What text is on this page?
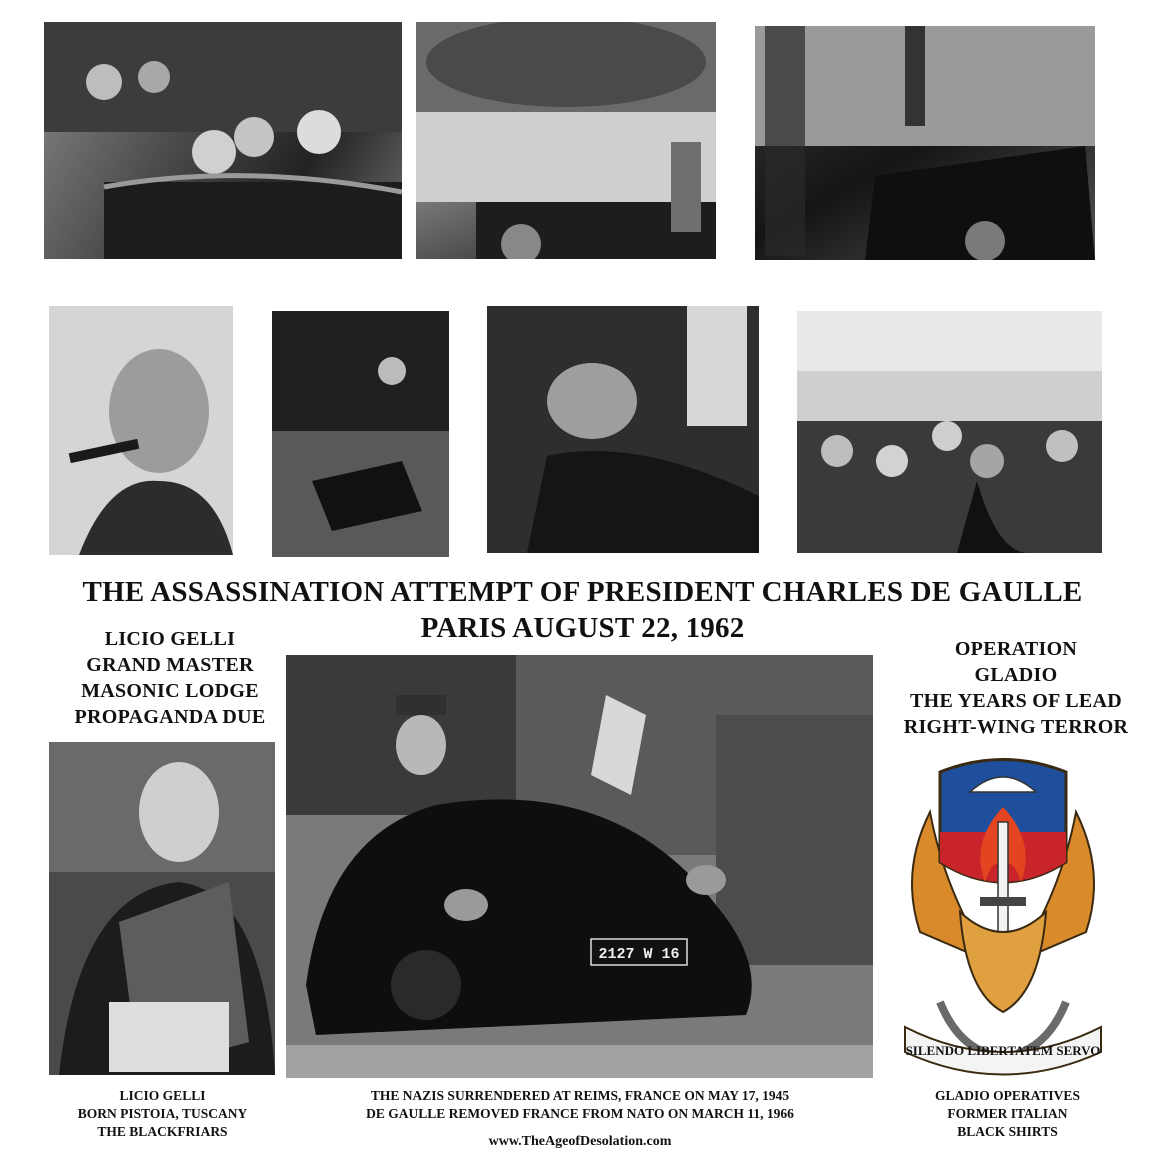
THE ASSASSINATION ATTEMPT OF PRESIDENT CHARLES DE GAULLE
PARIS AUGUST 22, 1962
LICIO GELLI
GRAND MASTER
MASONIC LODGE
PROPAGANDA DUE
OPERATION
GLADIO
THE YEARS OF LEAD
RIGHT-WING TERROR
2127 W 16
SILENDO LIBERTATEM SERVO
LICIO GELLI
BORN PISTOIA, TUSCANY
THE BLACKFRIARS
THE NAZIS SURRENDERED AT REIMS, FRANCE ON MAY 17, 1945
DE GAULLE REMOVED FRANCE FROM NATO ON MARCH 11, 1966
GLADIO OPERATIVES
FORMER ITALIAN
BLACK SHIRTS
www.TheAgeofDesolation.com
